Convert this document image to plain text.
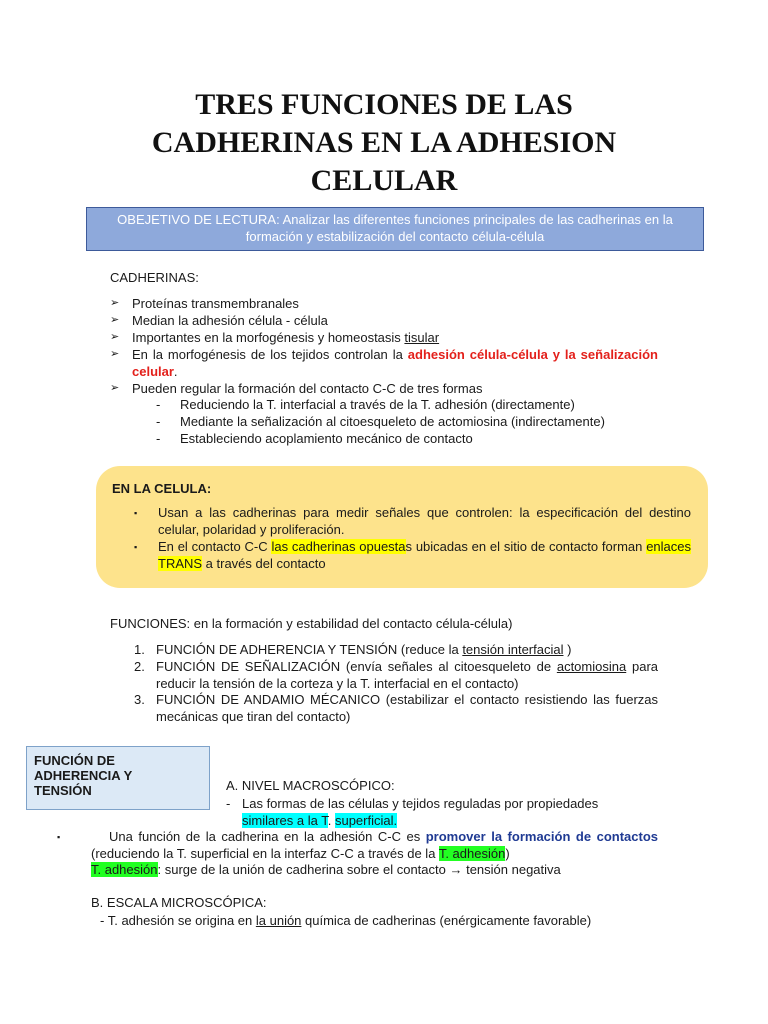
TRES FUNCIONES DE LAS
CADHERINAS EN LA ADHESION
CELULAR
OBEJETIVO DE LECTURA: Analizar las diferentes funciones principales de las cadherinas en la formación y estabilización del contacto célula-célula
CADHERINAS:
➢ Proteínas transmembranales
➢ Median la adhesión célula - célula
➢ Importantes en la morfogénesis y homeostasis tisular
➢ En la morfogénesis de los tejidos controlan la adhesión célula-célula y la señalización celular.
➢ Pueden regular la formación del contacto C-C de tres formas
- Reduciendo la T. interfacial a través de la T. adhesión (directamente)
- Mediante la señalización al citoesqueleto de actomiosina (indirectamente)
- Estableciendo acoplamiento mecánico de contacto
EN LA CELULA:
▪ Usan a las cadherinas para medir señales que controlen: la especificación del destino celular, polaridad y proliferación.
▪ En el contacto C-C las cadherinas opuestas ubicadas en el sitio de contacto forman enlaces TRANS a través del contacto
FUNCIONES: en la formación y estabilidad del contacto célula-célula)
1. FUNCIÓN DE ADHERENCIA Y TENSIÓN (reduce la tensión interfacial )
2. FUNCIÓN DE SEÑALIZACIÓN (envía señales al citoesqueleto de actomiosina para reducir la tensión de la corteza y la T. interfacial en el contacto)
3. FUNCIÓN DE ANDAMIO MÉCANICO (estabilizar el contacto resistiendo las fuerzas mecánicas que tiran del contacto)
FUNCIÓN DE
ADHERENCIA Y
TENSIÓN	A. NIVEL MACROSCÓPICO:
- Las formas de las células y tejidos reguladas por propiedades
similares a la T. superficial.
▪	Una función de la cadherina en la adhesión C-C es promover la formación de contactos (reduciendo la T. superficial en la interfaz C-C a través de la T. adhesión)
T. adhesión: surge de la unión de cadherina sobre el contacto → tensión negativa
B. ESCALA MICROSCÓPICA:
- T. adhesión se origina en la unión química de cadherinas (enérgicamente favorable)
